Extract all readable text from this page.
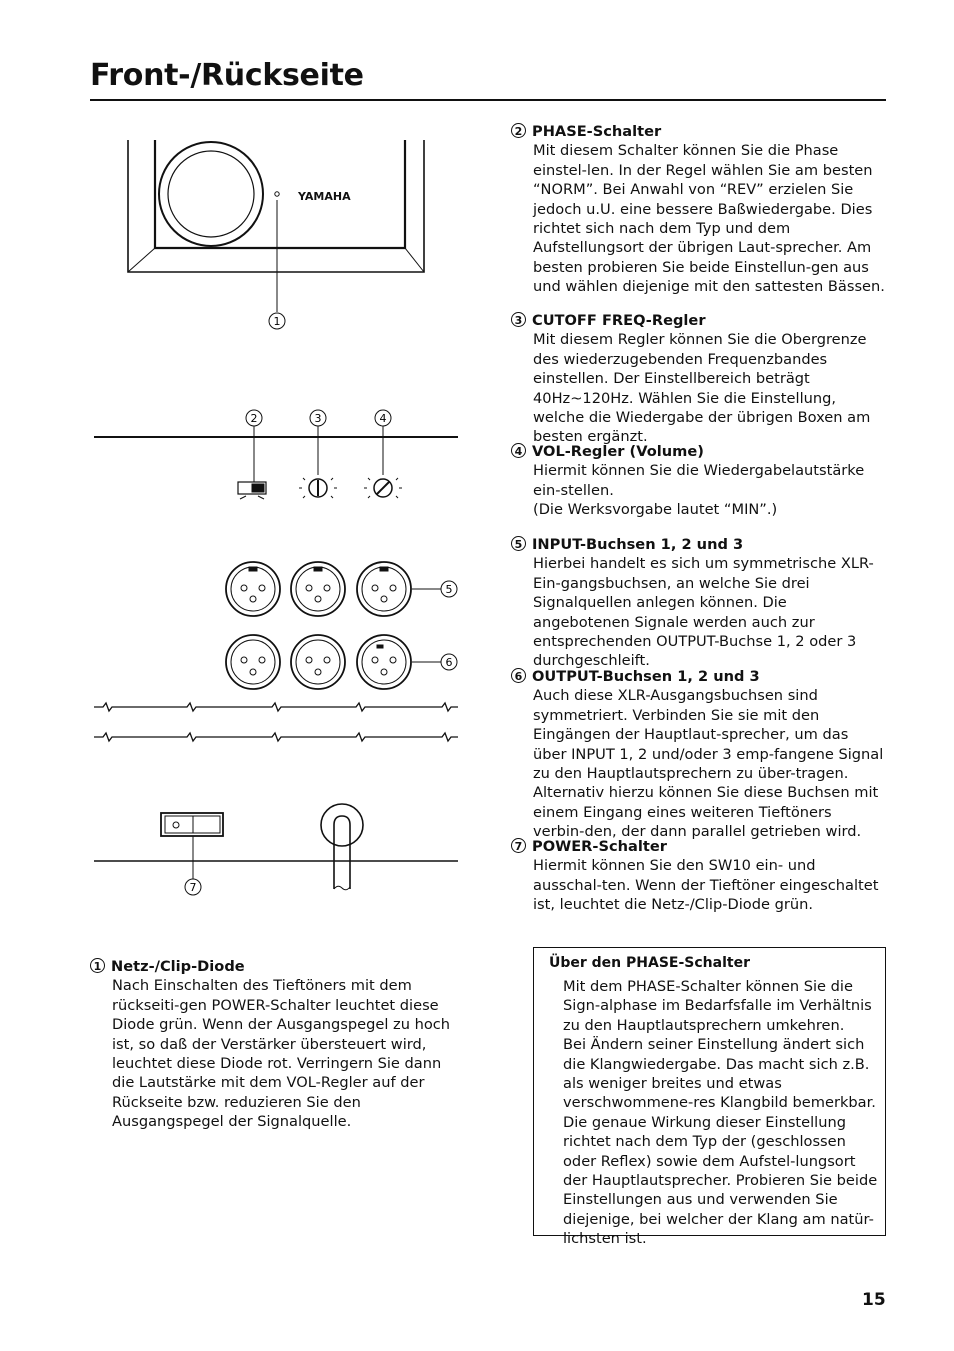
Front-/Rückseite
YAMAHA
1
2	3	4
5
6
7
1 Netz-/Clip-Diode
Nach Einschalten des Tieftöners mit dem rückseiti-gen POWER-Schalter leuchtet diese Diode grün. Wenn der Ausgangspegel zu hoch ist, so daß der Verstärker übersteuert wird, leuchtet diese Diode rot. Verringern Sie dann die Lautstärke mit dem VOL-Regler auf der Rückseite bzw. reduzieren Sie den Ausgangspegel der Signalquelle.
2 PHASE-Schalter
Mit diesem Schalter können Sie die Phase einstel-len. In der Regel wählen Sie am besten “NORM”. Bei Anwahl von “REV” erzielen Sie jedoch u.U. eine bessere Baßwiedergabe. Dies richtet sich nach dem Typ und dem Aufstellungsort der übrigen Laut-sprecher. Am besten probieren Sie beide Einstellun-gen aus und wählen diejenige mit den sattesten Bässen.
3 CUTOFF FREQ-Regler
Mit diesem Regler können Sie die Obergrenze des wiederzugebenden Frequenzbandes einstellen. Der Einstellbereich beträgt 40Hz~120Hz. Wählen Sie die Einstellung, welche die Wiedergabe der übrigen Boxen am besten ergänzt.
4 VOL-Regler (Volume)
Hiermit können Sie die Wiedergabelautstärke ein-stellen.
(Die Werksvorgabe lautet “MIN”.)
5 INPUT-Buchsen 1, 2 und 3
Hierbei handelt es sich um symmetrische XLR-Ein-gangsbuchsen, an welche Sie drei Signalquellen anlegen können. Die angebotenen Signale werden auch zur entsprechenden OUTPUT-Buchse 1, 2 oder 3 durchgeschleift.
6 OUTPUT-Buchsen 1, 2 und 3
Auch diese XLR-Ausgangsbuchsen sind symmetriert. Verbinden Sie sie mit den Eingängen der Hauptlaut-sprecher, um das über INPUT 1, 2 und/oder 3 emp-fangene Signal zu den Hauptlautsprechern zu über-tragen. Alternativ hierzu können Sie diese Buchsen mit einem Eingang eines weiteren Tieftöners verbin-den, der dann parallel getrieben wird.
7 POWER-Schalter
Hiermit können Sie den SW10 ein- und ausschal-ten. Wenn der Tieftöner eingeschaltet ist, leuchtet die Netz-/Clip-Diode grün.
Über den PHASE-Schalter
Mit dem PHASE-Schalter können Sie die Sign-alphase im Bedarfsfalle im Verhältnis zu den Hauptlautsprechern umkehren.
Bei Ändern seiner Einstellung ändert sich die Klangwiedergabe. Das macht sich z.B. als weniger breites und etwas verschwommene-res Klangbild bemerkbar. Die genaue Wirkung dieser Einstellung richtet nach dem Typ der (geschlossen oder Reflex) sowie dem Aufstel-lungsort der Hauptlautsprecher. Probieren Sie beide Einstellungen aus und verwenden Sie diejenige, bei welcher der Klang am natür-lichsten ist.
15
